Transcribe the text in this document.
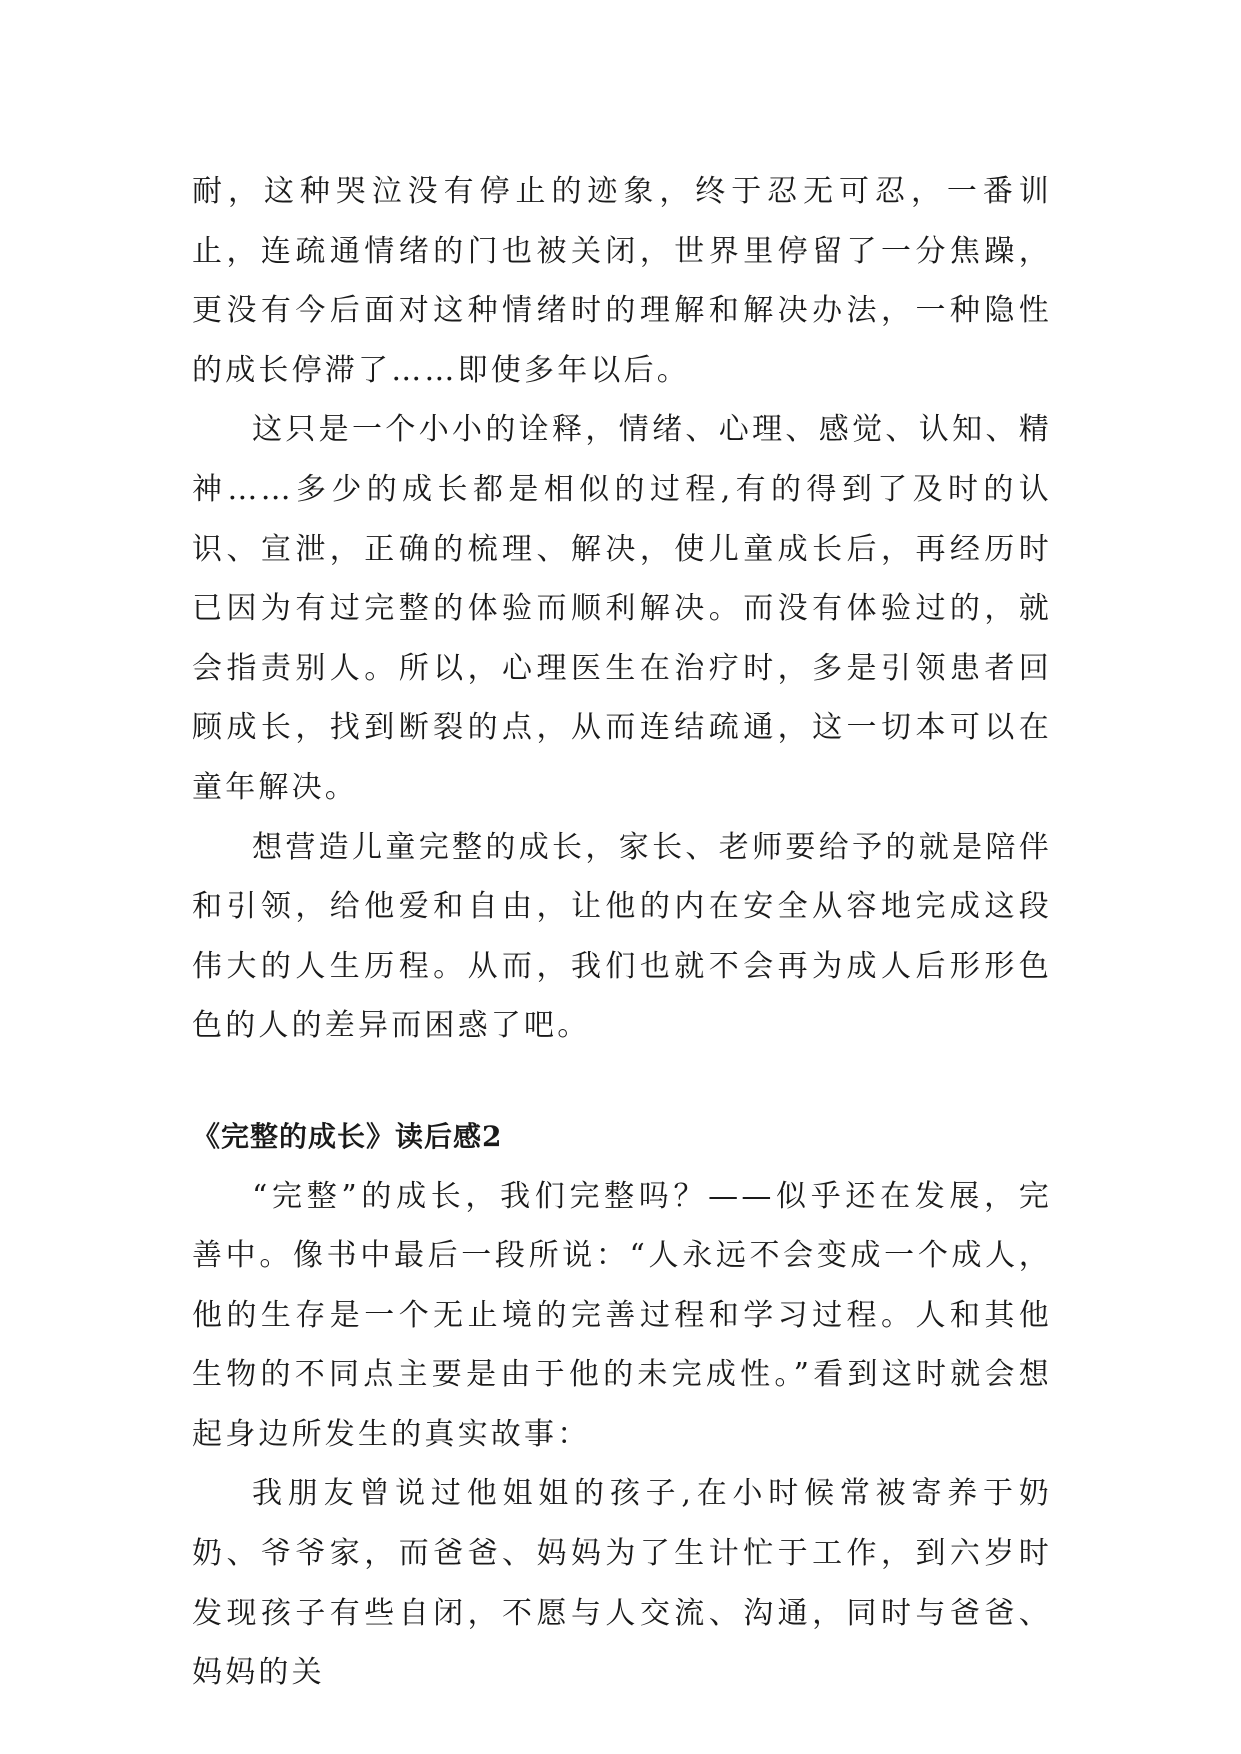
耐，这种哭泣没有停止的迹象，终于忍无可忍，一番训止，连疏通情绪的门也被关闭，世界里停留了一分焦躁，更没有今后面对这种情绪时的理解和解决办法，一种隐性的成长停滞了……即使多年以后。

这只是一个小小的诠释，情绪、心理、感觉、认知、精神……多少的成长都是相似的过程,有的得到了及时的认识、宣泄，正确的梳理、解决，使儿童成长后，再经历时已因为有过完整的体验而顺利解决。而没有体验过的，就会指责别人。所以，心理医生在治疗时，多是引领患者回顾成长，找到断裂的点，从而连结疏通，这一切本可以在童年解决。

想营造儿童完整的成长，家长、老师要给予的就是陪伴和引领，给他爱和自由，让他的内在安全从容地完成这段伟大的人生历程。从而，我们也就不会再为成人后形形色色的人的差异而困惑了吧。

《完整的成长》读后感2

“完整”的成长，我们完整吗？——似乎还在发展，完善中。像书中最后一段所说：“人永远不会变成一个成人，他的生存是一个无止境的完善过程和学习过程。人和其他生物的不同点主要是由于他的未完成性。”看到这时就会想起身边所发生的真实故事：

我朋友曾说过他姐姐的孩子,在小时候常被寄养于奶奶、爷爷家，而爸爸、妈妈为了生计忙于工作，到六岁时发现孩子有些自闭，不愿与人交流、沟通，同时与爸爸、妈妈的关
